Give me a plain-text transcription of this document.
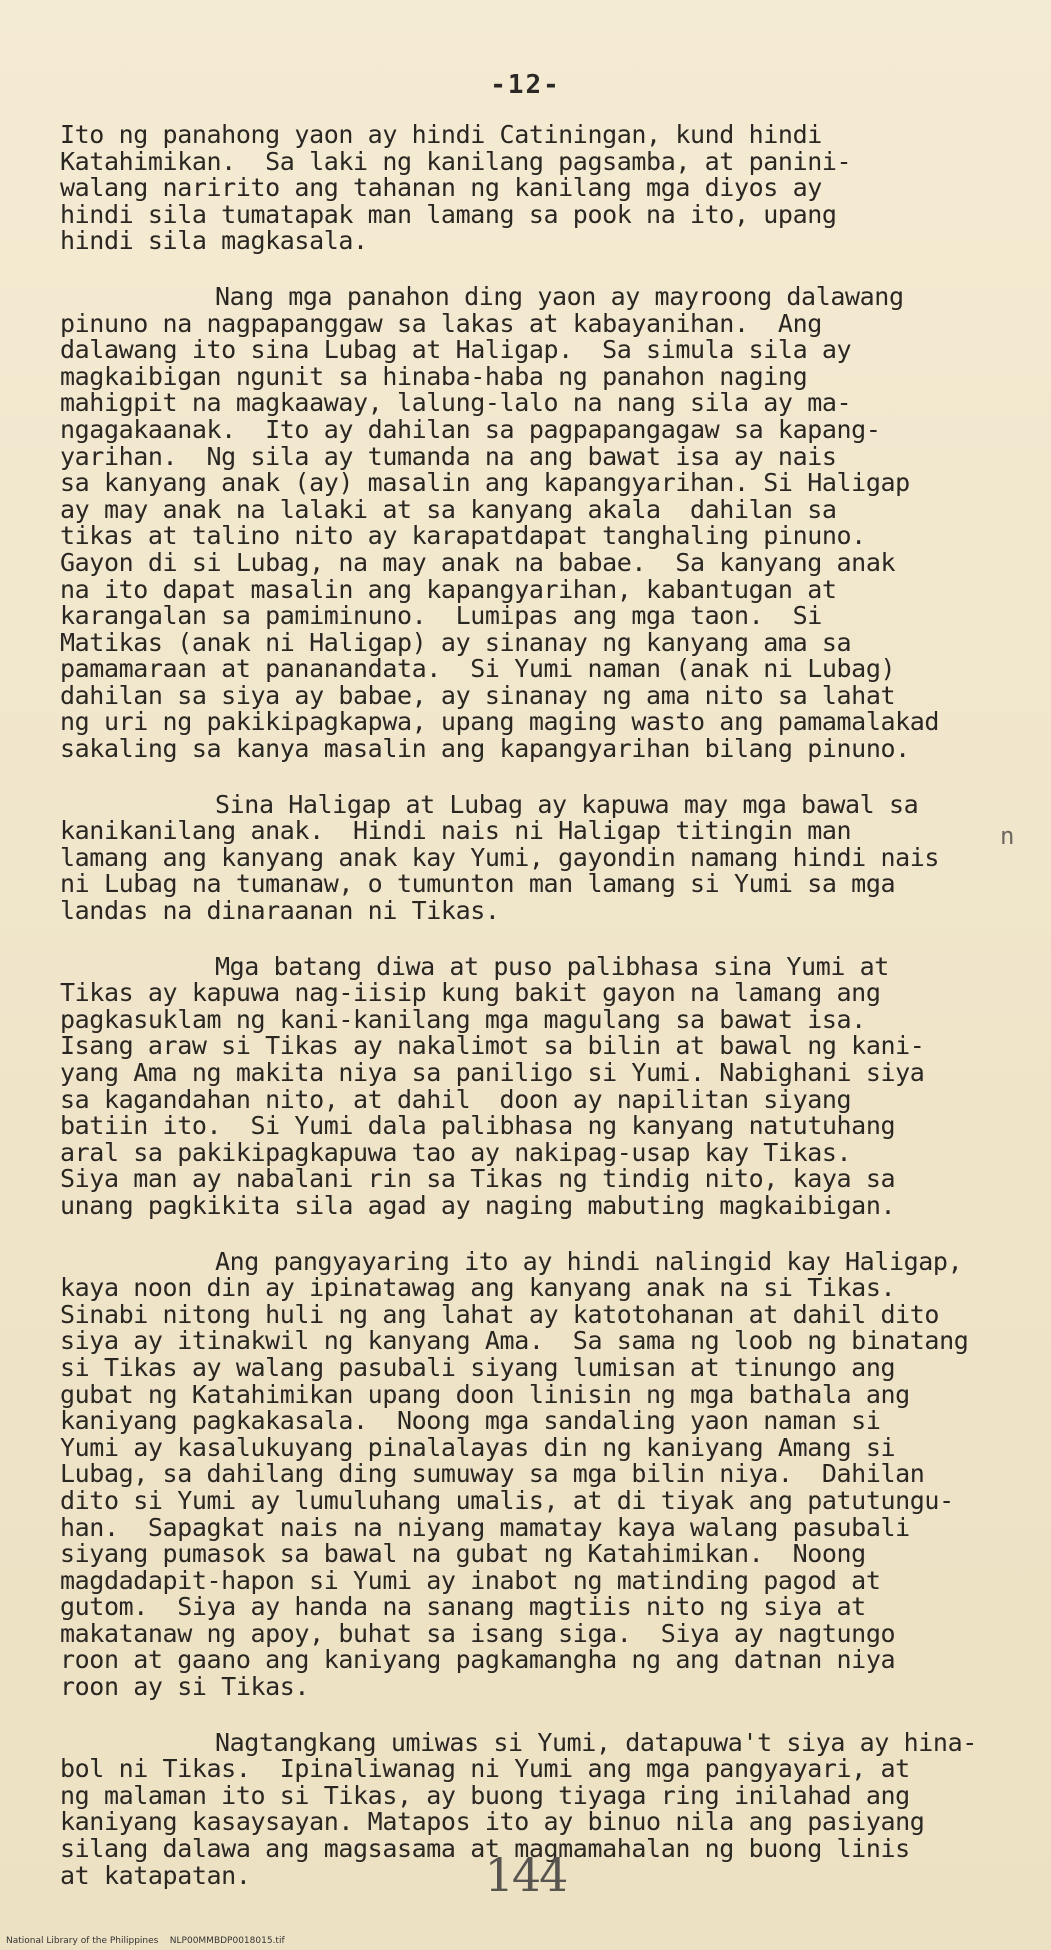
-12-
Ito ng panahong yaon ay hindi Catiningan, kund hindi
Katahimikan.  Sa laki ng kanilang pagsamba, at panini-
walang naririto ang tahanan ng kanilang mga diyos ay
hindi sila tumatapak man lamang sa pook na ito, upang
hindi sila magkasala.
Nang mga panahon ding yaon ay mayroong dalawang
pinuno na nagpapanggaw sa lakas at kabayanihan.  Ang
dalawang ito sina Lubag at Haligap.  Sa simula sila ay
magkaibigan ngunit sa hinaba-haba ng panahon naging
mahigpit na magkaaway, lalung-lalo na nang sila ay ma-
ngagakaanak.  Ito ay dahilan sa pagpapangagaw sa kapang-
yarihan.  Ng sila ay tumanda na ang bawat isa ay nais
sa kanyang anak (ay) masalin ang kapangyarihan. Si Haligap
ay may anak na lalaki at sa kanyang akala  dahilan sa
tikas at talino nito ay karapatdapat tanghaling pinuno.
Gayon di si Lubag, na may anak na babae.  Sa kanyang anak
na ito dapat masalin ang kapangyarihan, kabantugan at
karangalan sa pamiminuno.  Lumipas ang mga taon.  Si
Matikas (anak ni Haligap) ay sinanay ng kanyang ama sa
pamamaraan at pananandata.  Si Yumi naman (anak ni Lubag)
dahilan sa siya ay babae, ay sinanay ng ama nito sa lahat
ng uri ng pakikipagkapwa, upang maging wasto ang pamamalakad
sakaling sa kanya masalin ang kapangyarihan bilang pinuno.
Sina Haligap at Lubag ay kapuwa may mga bawal sa
kanikanilang anak.  Hindi nais ni Haligap titingin man
lamang ang kanyang anak kay Yumi, gayondin namang hindi nais
ni Lubag na tumanaw, o tumunton man lamang si Yumi sa mga
landas na dinaraanan ni Tikas.
Mga batang diwa at puso palibhasa sina Yumi at
Tikas ay kapuwa nag-iisip kung bakit gayon na lamang ang
pagkasuklam ng kani-kanilang mga magulang sa bawat isa.
Isang araw si Tikas ay nakalimot sa bilin at bawal ng kani-
yang Ama ng makita niya sa paniligo si Yumi. Nabighani siya
sa kagandahan nito, at dahil  doon ay napilitan siyang
batiin ito.  Si Yumi dala palibhasa ng kanyang natutuhang
aral sa pakikipagkapuwa tao ay nakipag-usap kay Tikas.
Siya man ay nabalani rin sa Tikas ng tindig nito, kaya sa
unang pagkikita sila agad ay naging mabuting magkaibigan.
Ang pangyayaring ito ay hindi nalingid kay Haligap,
kaya noon din ay ipinatawag ang kanyang anak na si Tikas.
Sinabi nitong huli ng ang lahat ay katotohanan at dahil dito
siya ay itinakwil ng kanyang Ama.  Sa sama ng loob ng binatang
si Tikas ay walang pasubali siyang lumisan at tinungo ang
gubat ng Katahimikan upang doon linisin ng mga bathala ang
kaniyang pagkakasala.  Noong mga sandaling yaon naman si
Yumi ay kasalukuyang pinalalayas din ng kaniyang Amang si
Lubag, sa dahilang ding sumuway sa mga bilin niya.  Dahilan
dito si Yumi ay lumuluhang umalis, at di tiyak ang patutungu-
han.  Sapagkat nais na niyang mamatay kaya walang pasubali
siyang pumasok sa bawal na gubat ng Katahimikan.  Noong
magdadapit-hapon si Yumi ay inabot ng matinding pagod at
gutom.  Siya ay handa na sanang magtiis nito ng siya at
makatanaw ng apoy, buhat sa isang siga.  Siya ay nagtungo
roon at gaano ang kaniyang pagkamangha ng ang datnan niya
roon ay si Tikas.
Nagtangkang umiwas si Yumi, datapuwa't siya ay hina-
bol ni Tikas.  Ipinaliwanag ni Yumi ang mga pangyayari, at
ng malaman ito si Tikas, ay buong tiyaga ring inilahad ang
kaniyang kasaysayan. Matapos ito ay binuo nila ang pasiyang
silang dalawa ang magsasama at magmamahalan ng buong linis
at katapatan.
n
144
National Library of the Philippines    NLP00MMBDP0018015.tif
